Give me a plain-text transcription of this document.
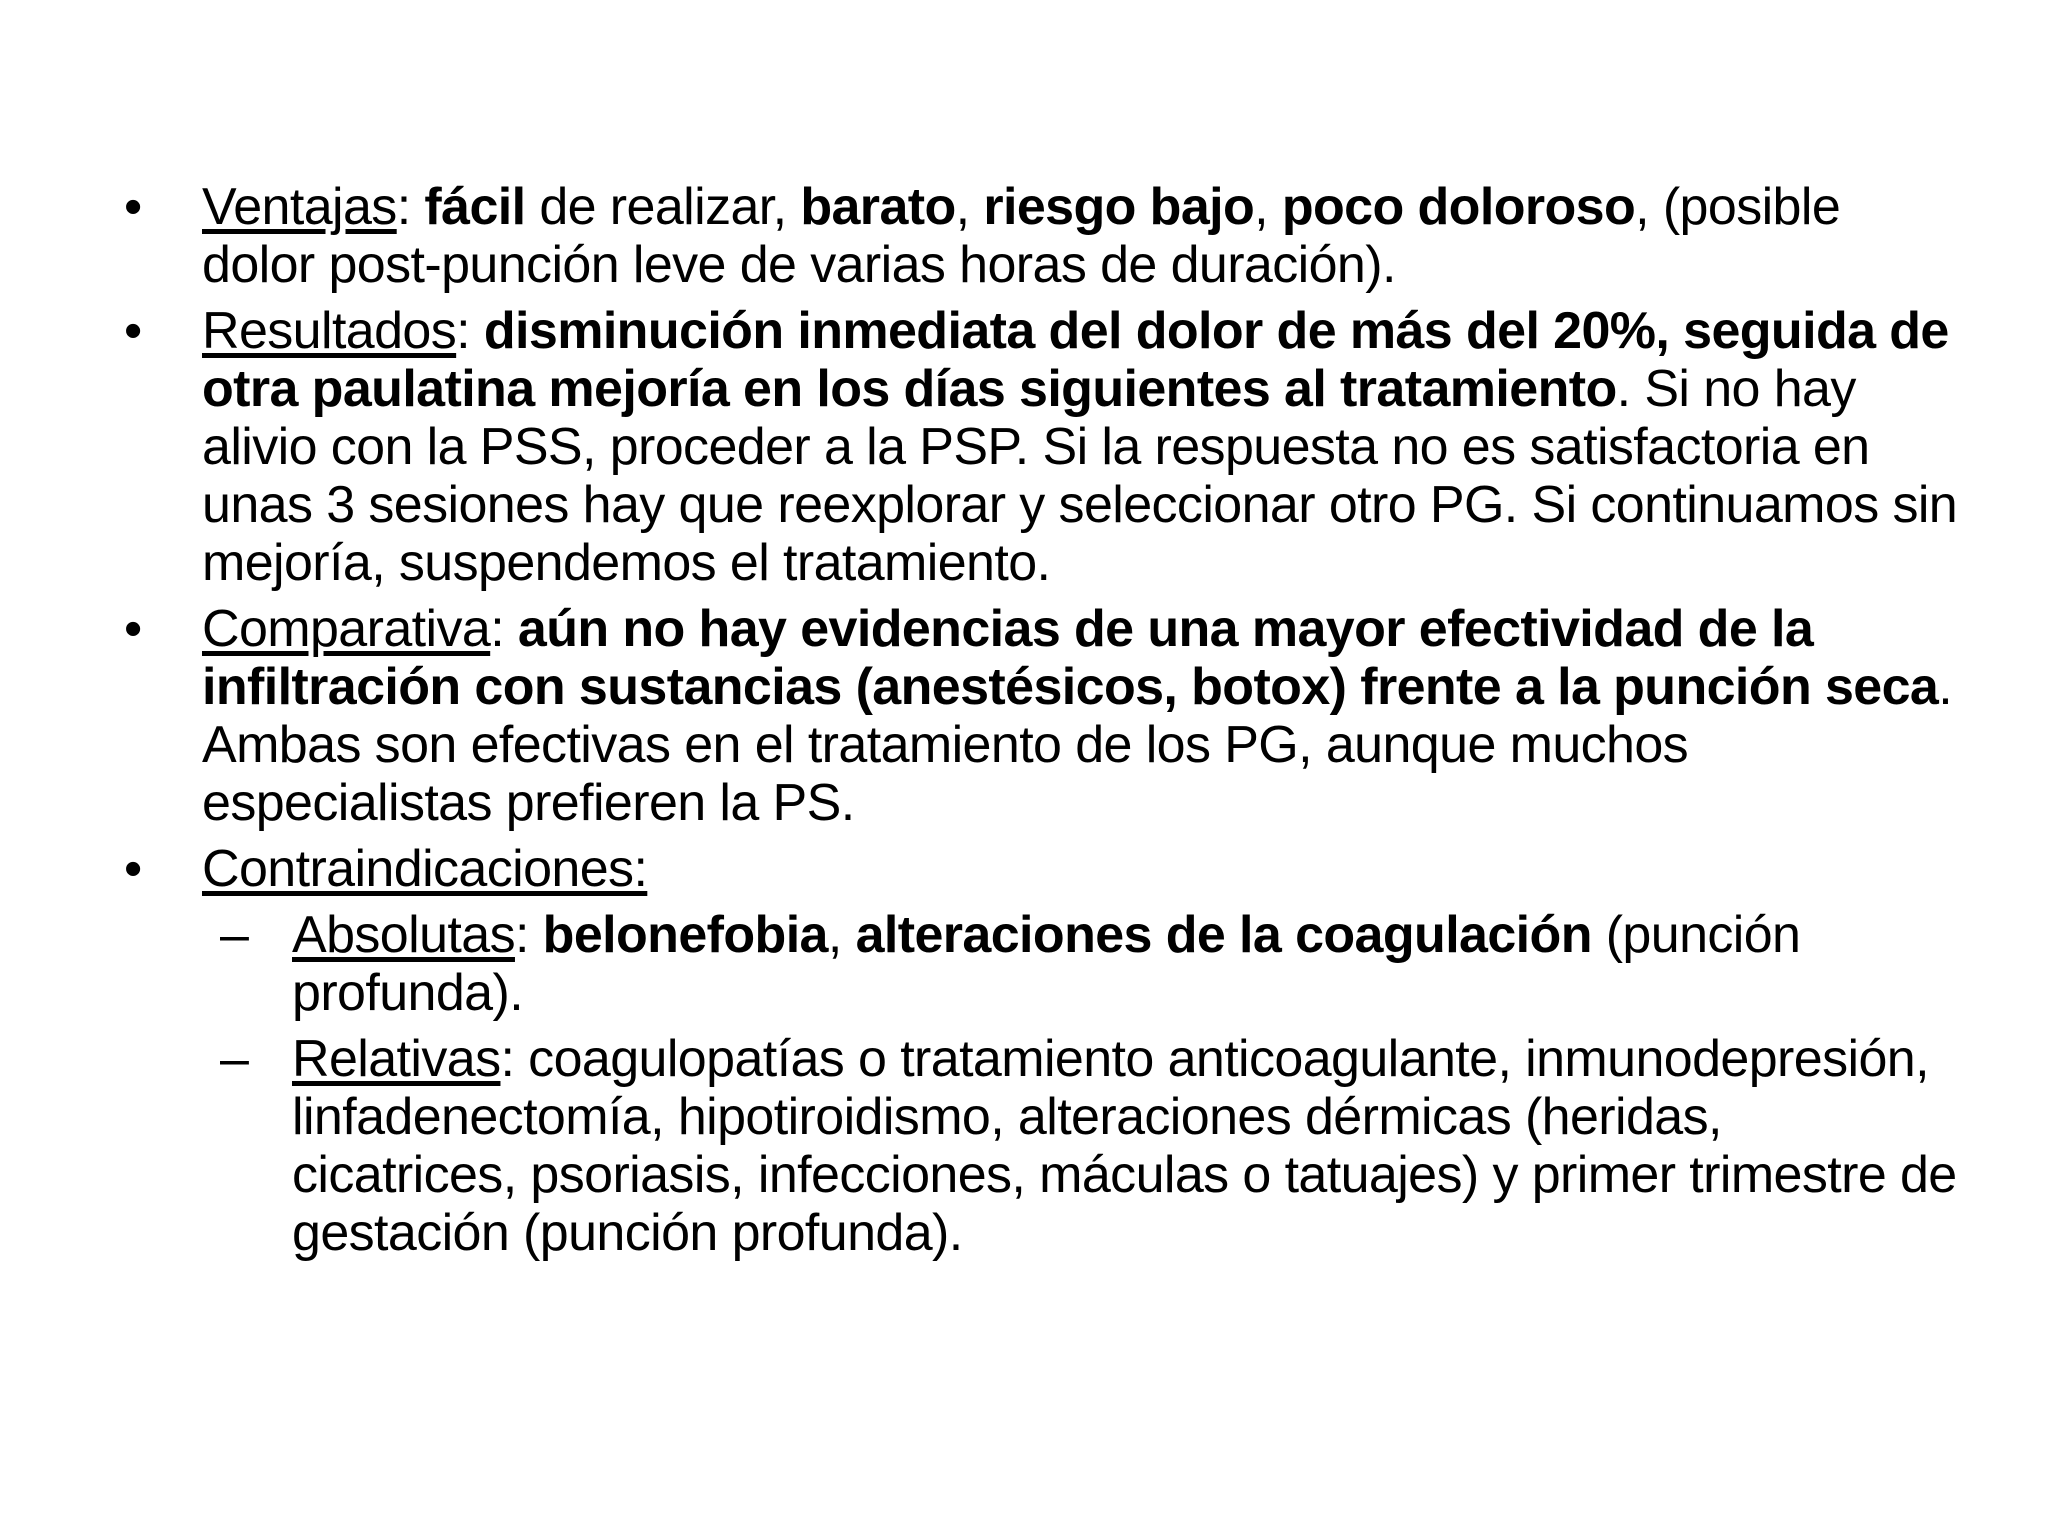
• Ventajas: fácil de realizar, barato, riesgo bajo, poco doloroso, (posible dolor post-punción leve de varias horas de duración).
• Resultados: disminución inmediata del dolor de más del 20%, seguida de otra paulatina mejoría en los días siguientes al tratamiento. Si no hay alivio con la PSS, proceder a la PSP. Si la respuesta no es satisfactoria en unas 3 sesiones hay que reexplorar y seleccionar otro PG. Si continuamos sin mejoría, suspendemos el tratamiento.
• Comparativa: aún no hay evidencias de una mayor efectividad de la infiltración con sustancias (anestésicos, botox) frente a la punción seca. Ambas son efectivas en el tratamiento de los PG, aunque muchos especialistas prefieren la PS.
• Contraindicaciones:
– Absolutas: belonefobia, alteraciones de la coagulación (punción profunda).
– Relativas: coagulopatías o tratamiento anticoagulante, inmunodepresión, linfadenectomía, hipotiroidismo, alteraciones dérmicas (heridas, cicatrices, psoriasis, infecciones, máculas o tatuajes) y primer trimestre de gestación (punción profunda).
